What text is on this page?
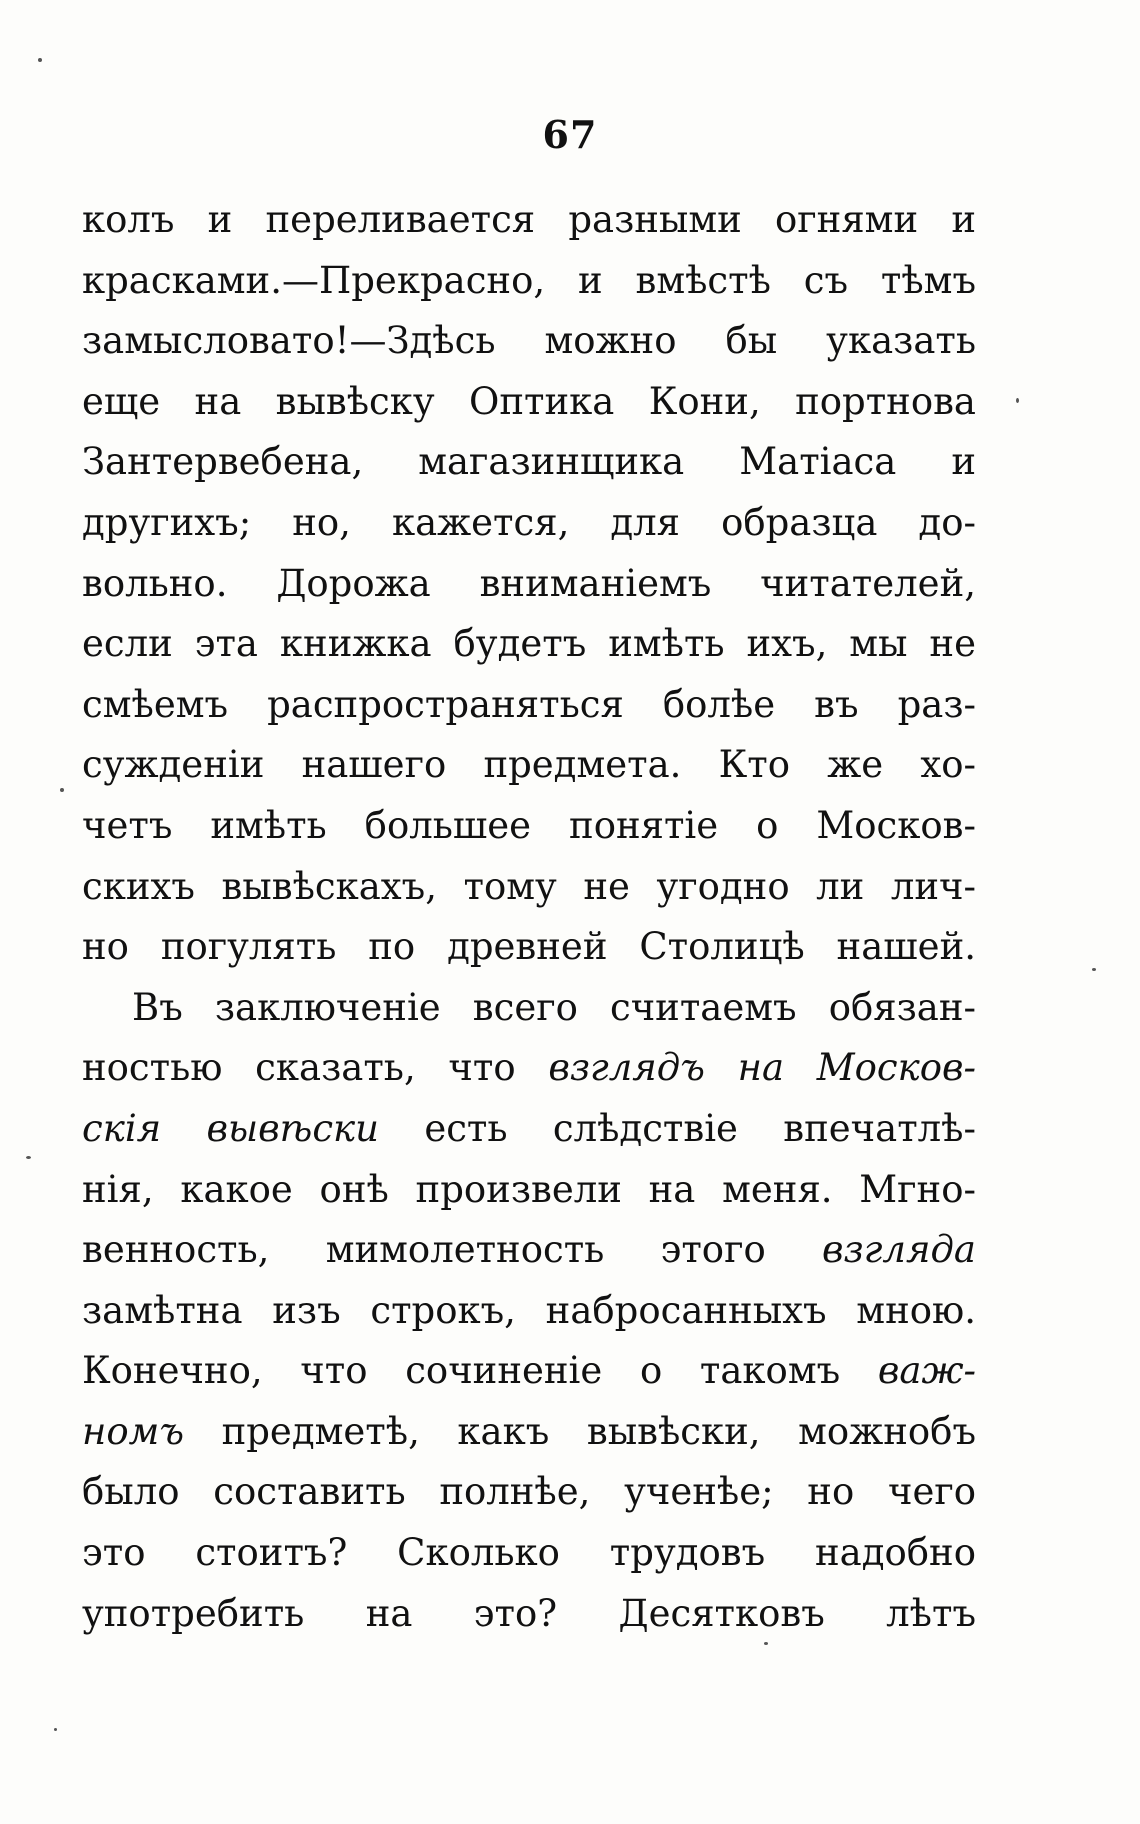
67
колъ и переливается разными огнями и
красками.—Прекрасно, и вмѣстѣ съ тѣмъ
замысловато!—Здѣсь можно бы указать
еще на вывѣску Оптика Кони, портнова
Зантервебена, магазинщика Матіаса и
другихъ; но, кажется, для образца до-
вольно. Дорожа вниманіемъ читателей,
если эта книжка будетъ имѣть ихъ, мы не
смѣемъ распространяться болѣе въ раз-
сужденіи нашего предмета. Кто же хо-
четъ имѣть большее понятіе о Москов-
скихъ вывѣскахъ, тому не угодно ли лич-
но погулять по древней Столицѣ нашей.
Въ заключеніе всего считаемъ обязан-
ностью сказать, что взглядъ на Москов-
скія вывѣски есть слѣдствіе впечатлѣ-
нія, какое онѣ произвели на меня. Мгно-
венность, мимолетность этого взгляда
замѣтна изъ строкъ, набросанныхъ мною.
Конечно, что сочиненіе о такомъ важ-
номъ предметѣ, какъ вывѣски, можнобъ
было составить полнѣе, ученѣе; но чего
это стоитъ? Сколько трудовъ надобно
употребить на это? Десятковъ лѣтъ
